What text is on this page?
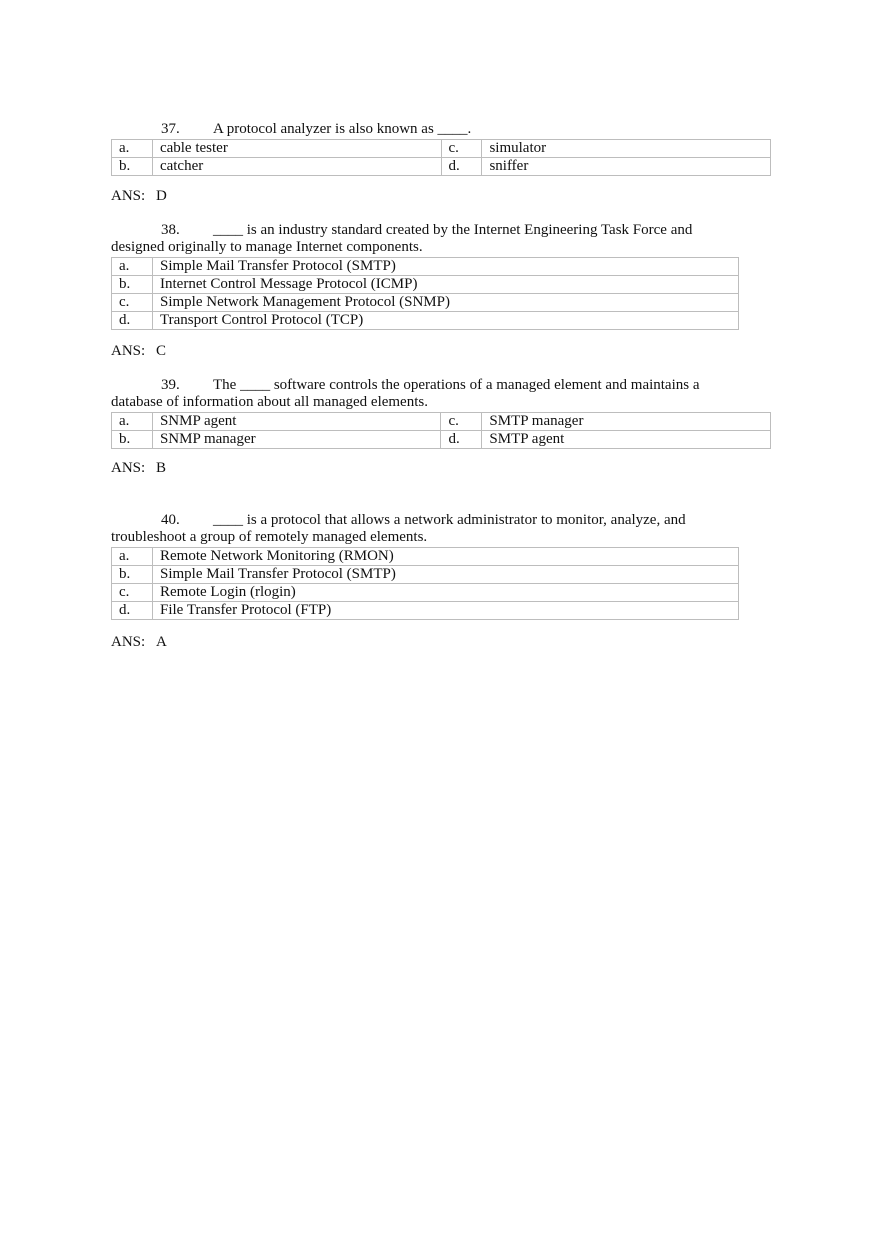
37. A protocol analyzer is also known as ____.

a.	cable tester	c.	simulator
b.	catcher	d.	sniffer
ANS: D

38. ____ is an industry standard created by the Internet Engineering Task Force and

designed originally to manage Internet components.

a.	Simple Mail Transfer Protocol (SMTP)
b.	Internet Control Message Protocol (ICMP)
c.	Simple Network Management Protocol (SNMP)
d.	Transport Control Protocol (TCP)
ANS: C

39. The ____ software controls the operations of a managed element and maintains a

database of information about all managed elements.

a.	SNMP agent	c.	SMTP manager
b.	SNMP manager	d.	SMTP agent
ANS: B

40. ____ is a protocol that allows a network administrator to monitor, analyze, and

troubleshoot a group of remotely managed elements.

a.	Remote Network Monitoring (RMON)
b.	Simple Mail Transfer Protocol (SMTP)
c.	Remote Login (rlogin)
d.	File Transfer Protocol (FTP)
ANS: A
